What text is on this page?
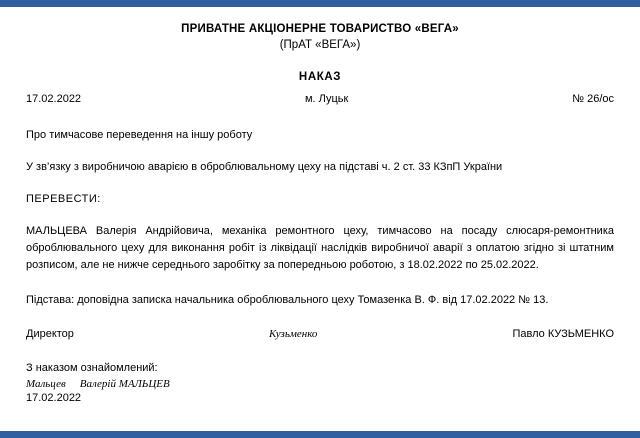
ПРИВАТНЕ АКЦІОНЕРНЕ ТОВАРИСТВО «ВЕГА»
(ПрАТ «ВЕГА»)
НАКАЗ
17.02.2022	м. Луцьк	№ 26/ос
Про тимчасове переведення на іншу роботу
У зв’язку з виробничою аварією в оброблювальному цеху на підставі ч. 2 ст. 33 КЗпП України
ПЕРЕВЕСТИ:
МАЛЬЦЕВА Валерія Андрійовича, механіка ремонтного цеху, тимчасово на посаду слюсаря-ремонтника оброблювального цеху для виконання робіт із ліквідації наслідків виробничої аварії з оплатою згідно зі штатним розписом, але не нижче середнього заробітку за попередньою роботою, з 18.02.2022 по 25.02.2022.
Підстава: доповідна записка начальника оброблювального цеху Томазенка В. Ф. від 17.02.2022 № 13.
Директор	Кузьменко	Павло КУЗЬМЕНКО
З наказом ознайомлений:
Мальцев Валерій МАЛЬЦЕВ
17.02.2022
